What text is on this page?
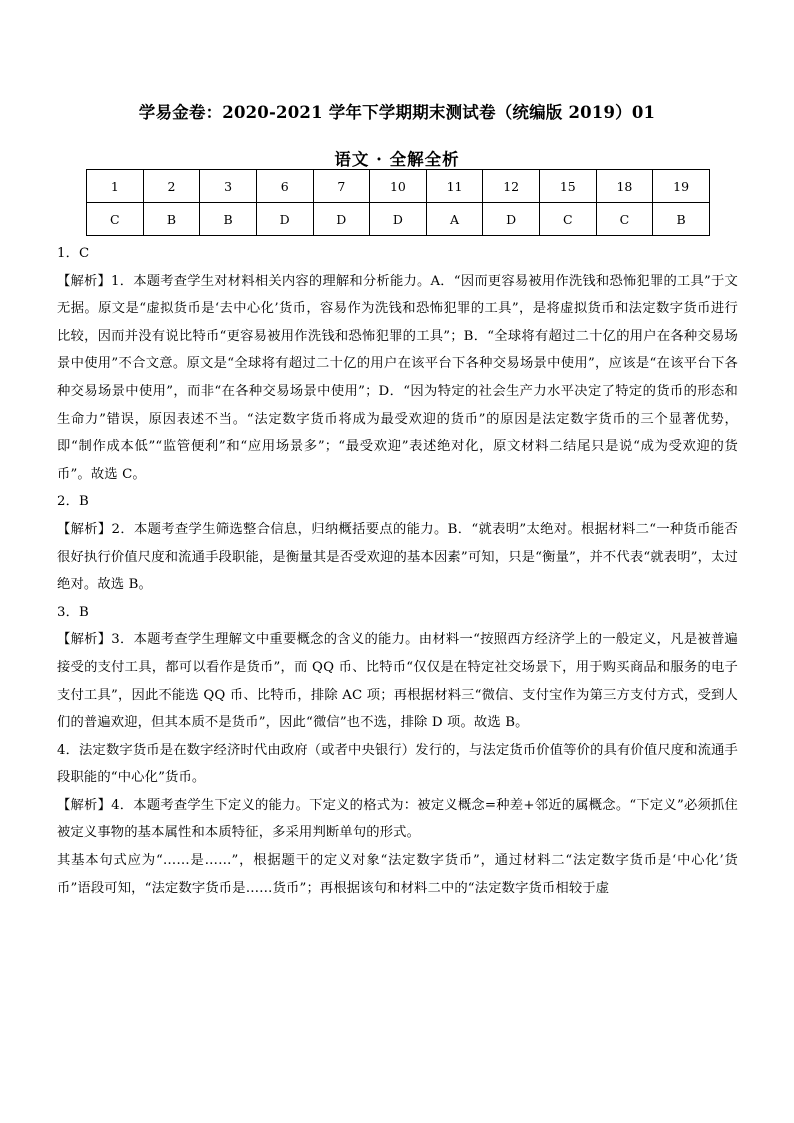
学易金卷：2020-2021 学年下学期期末测试卷（统编版 2019）01
语文 · 全解全析
1	2	3	6	7	10	11	12	15	18	19
C	B	B	D	D	D	A	D	C	C	B

1．C

【解析】1．本题考查学生对材料相关内容的理解和分析能力。A．“因而更容易被用作洗钱和恐怖犯罪的工具”于文无据。原文是“虚拟货币是‘去中心化’货币，容易作为洗钱和恐怖犯罪的工具”，是将虚拟货币和法定数字货币进行比较，因而并没有说比特币“更容易被用作洗钱和恐怖犯罪的工具”；B．“全球将有超过二十亿的用户在各种交易场景中使用”不合文意。原文是“全球将有超过二十亿的用户在该平台下各种交易场景中使用”，应该是“在该平台下各种交易场景中使用”，而非“在各种交易场景中使用”；D．“因为特定的社会生产力水平决定了特定的货币的形态和生命力”错误，原因表述不当。“法定数字货币将成为最受欢迎的货币”的原因是法定数字货币的三个显著优势，即“制作成本低”“监管便利”和“应用场景多”；“最受欢迎”表述绝对化，原文材料二结尾只是说“成为受欢迎的货币”。故选 C。

2．B

【解析】2．本题考查学生筛选整合信息，归纳概括要点的能力。B．“就表明”太绝对。根据材料二“一种货币能否很好执行价值尺度和流通手段职能，是衡量其是否受欢迎的基本因素”可知，只是“衡量”，并不代表“就表明”，太过绝对。故选 B。

3．B

【解析】3．本题考查学生理解文中重要概念的含义的能力。由材料一“按照西方经济学上的一般定义，凡是被普遍接受的支付工具，都可以看作是货币”，而 QQ 币、比特币“仅仅是在特定社交场景下，用于购买商品和服务的电子支付工具”，因此不能选 QQ 币、比特币，排除 AC 项；再根据材料三“微信、支付宝作为第三方支付方式，受到人们的普遍欢迎，但其本质不是货币”，因此“微信”也不选，排除 D 项。故选 B。

4．法定数字货币是在数字经济时代由政府（或者中央银行）发行的，与法定货币价值等价的具有价值尺度和流通手段职能的“中心化”货币。

【解析】4．本题考查学生下定义的能力。下定义的格式为：被定义概念=种差+邻近的属概念。“下定义”必须抓住被定义事物的基本属性和本质特征，多采用判断单句的形式。

其基本句式应为“……是……”，根据题干的定义对象“法定数字货币”，通过材料二“法定数字货币是‘中心化’货币”语段可知，“法定数字货币是……货币”；再根据该句和材料二中的“法定数字货币相较于虚
